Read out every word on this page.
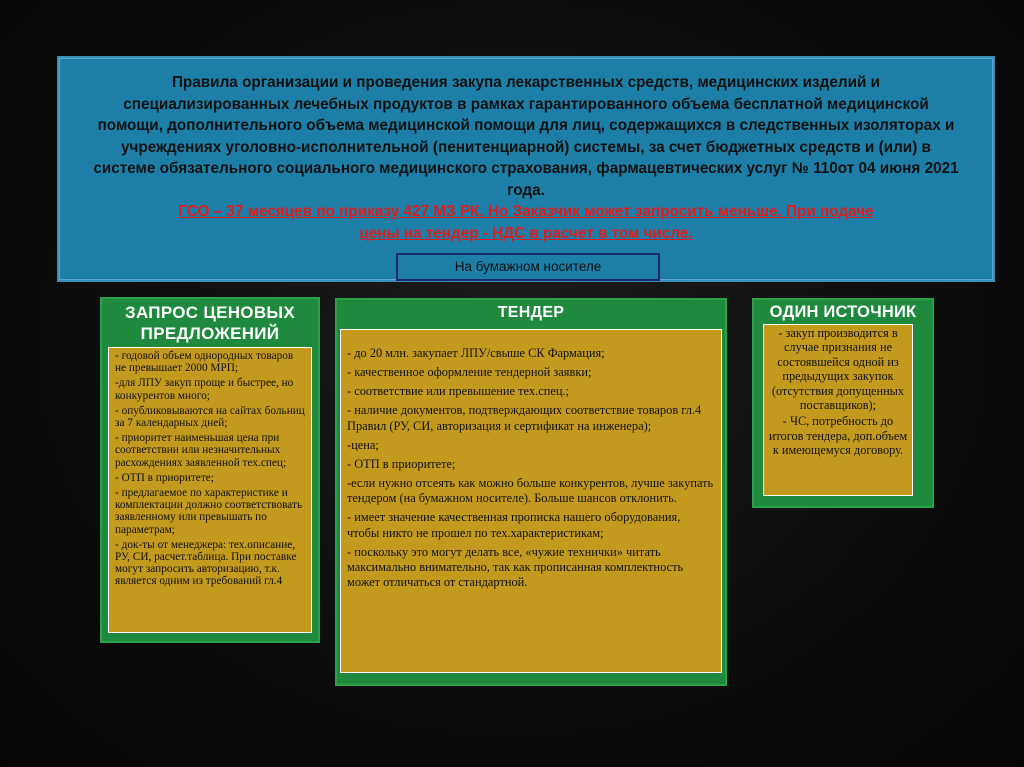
Правила организации и проведения закупа лекарственных средств, медицинских изделий и

специализированных лечебных продуктов в рамках гарантированного объема бесплатной медицинской

помощи, дополнительного объема медицинской помощи для лиц, содержащихся в следственных изоляторах и

учреждениях уголовно-исполнительной (пенитенциарной) системы, за счет бюджетных средств и (или) в

системе обязательного социального медицинского страхования, фармацевтических услуг № 110от 04 июня 2021

года.

ГСО – 37 месяцев по приказу 427 МЗ РК. Но Заказчик может запросить меньше. При подаче

цены на тендер - НДС в расчет в том числе.

На бумажном носителе

ЗАПРОС ЦЕНОВЫХ
ПРЕДЛОЖЕНИЙ

- годовой объем однородных товаров не превышает 2000 МРП;

-для ЛПУ закуп проще и быстрее, но конкурентов много;

- опубликовываются на сайтах больниц за 7 календарных дней;

- приоритет наименьшая цена при соответствии или незначительных расхождениях заявленной тех.спец;

- ОТП в приоритете;

- предлагаемое по характеристике и комплектации должно соответствовать заявленному или превышать по параметрам;

- док-ты от менеджера: тех.описание, РУ, СИ, расчет.таблица. При поставке могут запросить авторизацию, т.к. является одним из требований гл.4

ТЕНДЕР

- до 20 млн. закупает ЛПУ/свыше СК Фармация;

- качественное оформление тендерной заявки;

- соответствие или превышение тех.спец.;

- наличие документов, подтверждающих соответствие товаров гл.4 Правил (РУ, СИ, авторизация и сертификат на инженера);

-цена;

- ОТП в приоритете;

-если нужно отсеять как можно больше конкурентов, лучше закупать тендером (на бумажном носителе). Больше шансов отклонить.

- имеет значение качественная прописка нашего оборудования, чтобы никто не прошел по тех.характеристикам;

- поскольку это могут делать все, «чужие технички» читать максимально внимательно, так как прописанная комплектность может отличаться от стандартной.

ОДИН ИСТОЧНИК

- закуп производится в случае признания не состоявшейся одной из предыдущих закупок (отсутствия допущенных поставщиков);

- ЧС, потребность до итогов тендера, доп.объем к имеющемуся договору.
